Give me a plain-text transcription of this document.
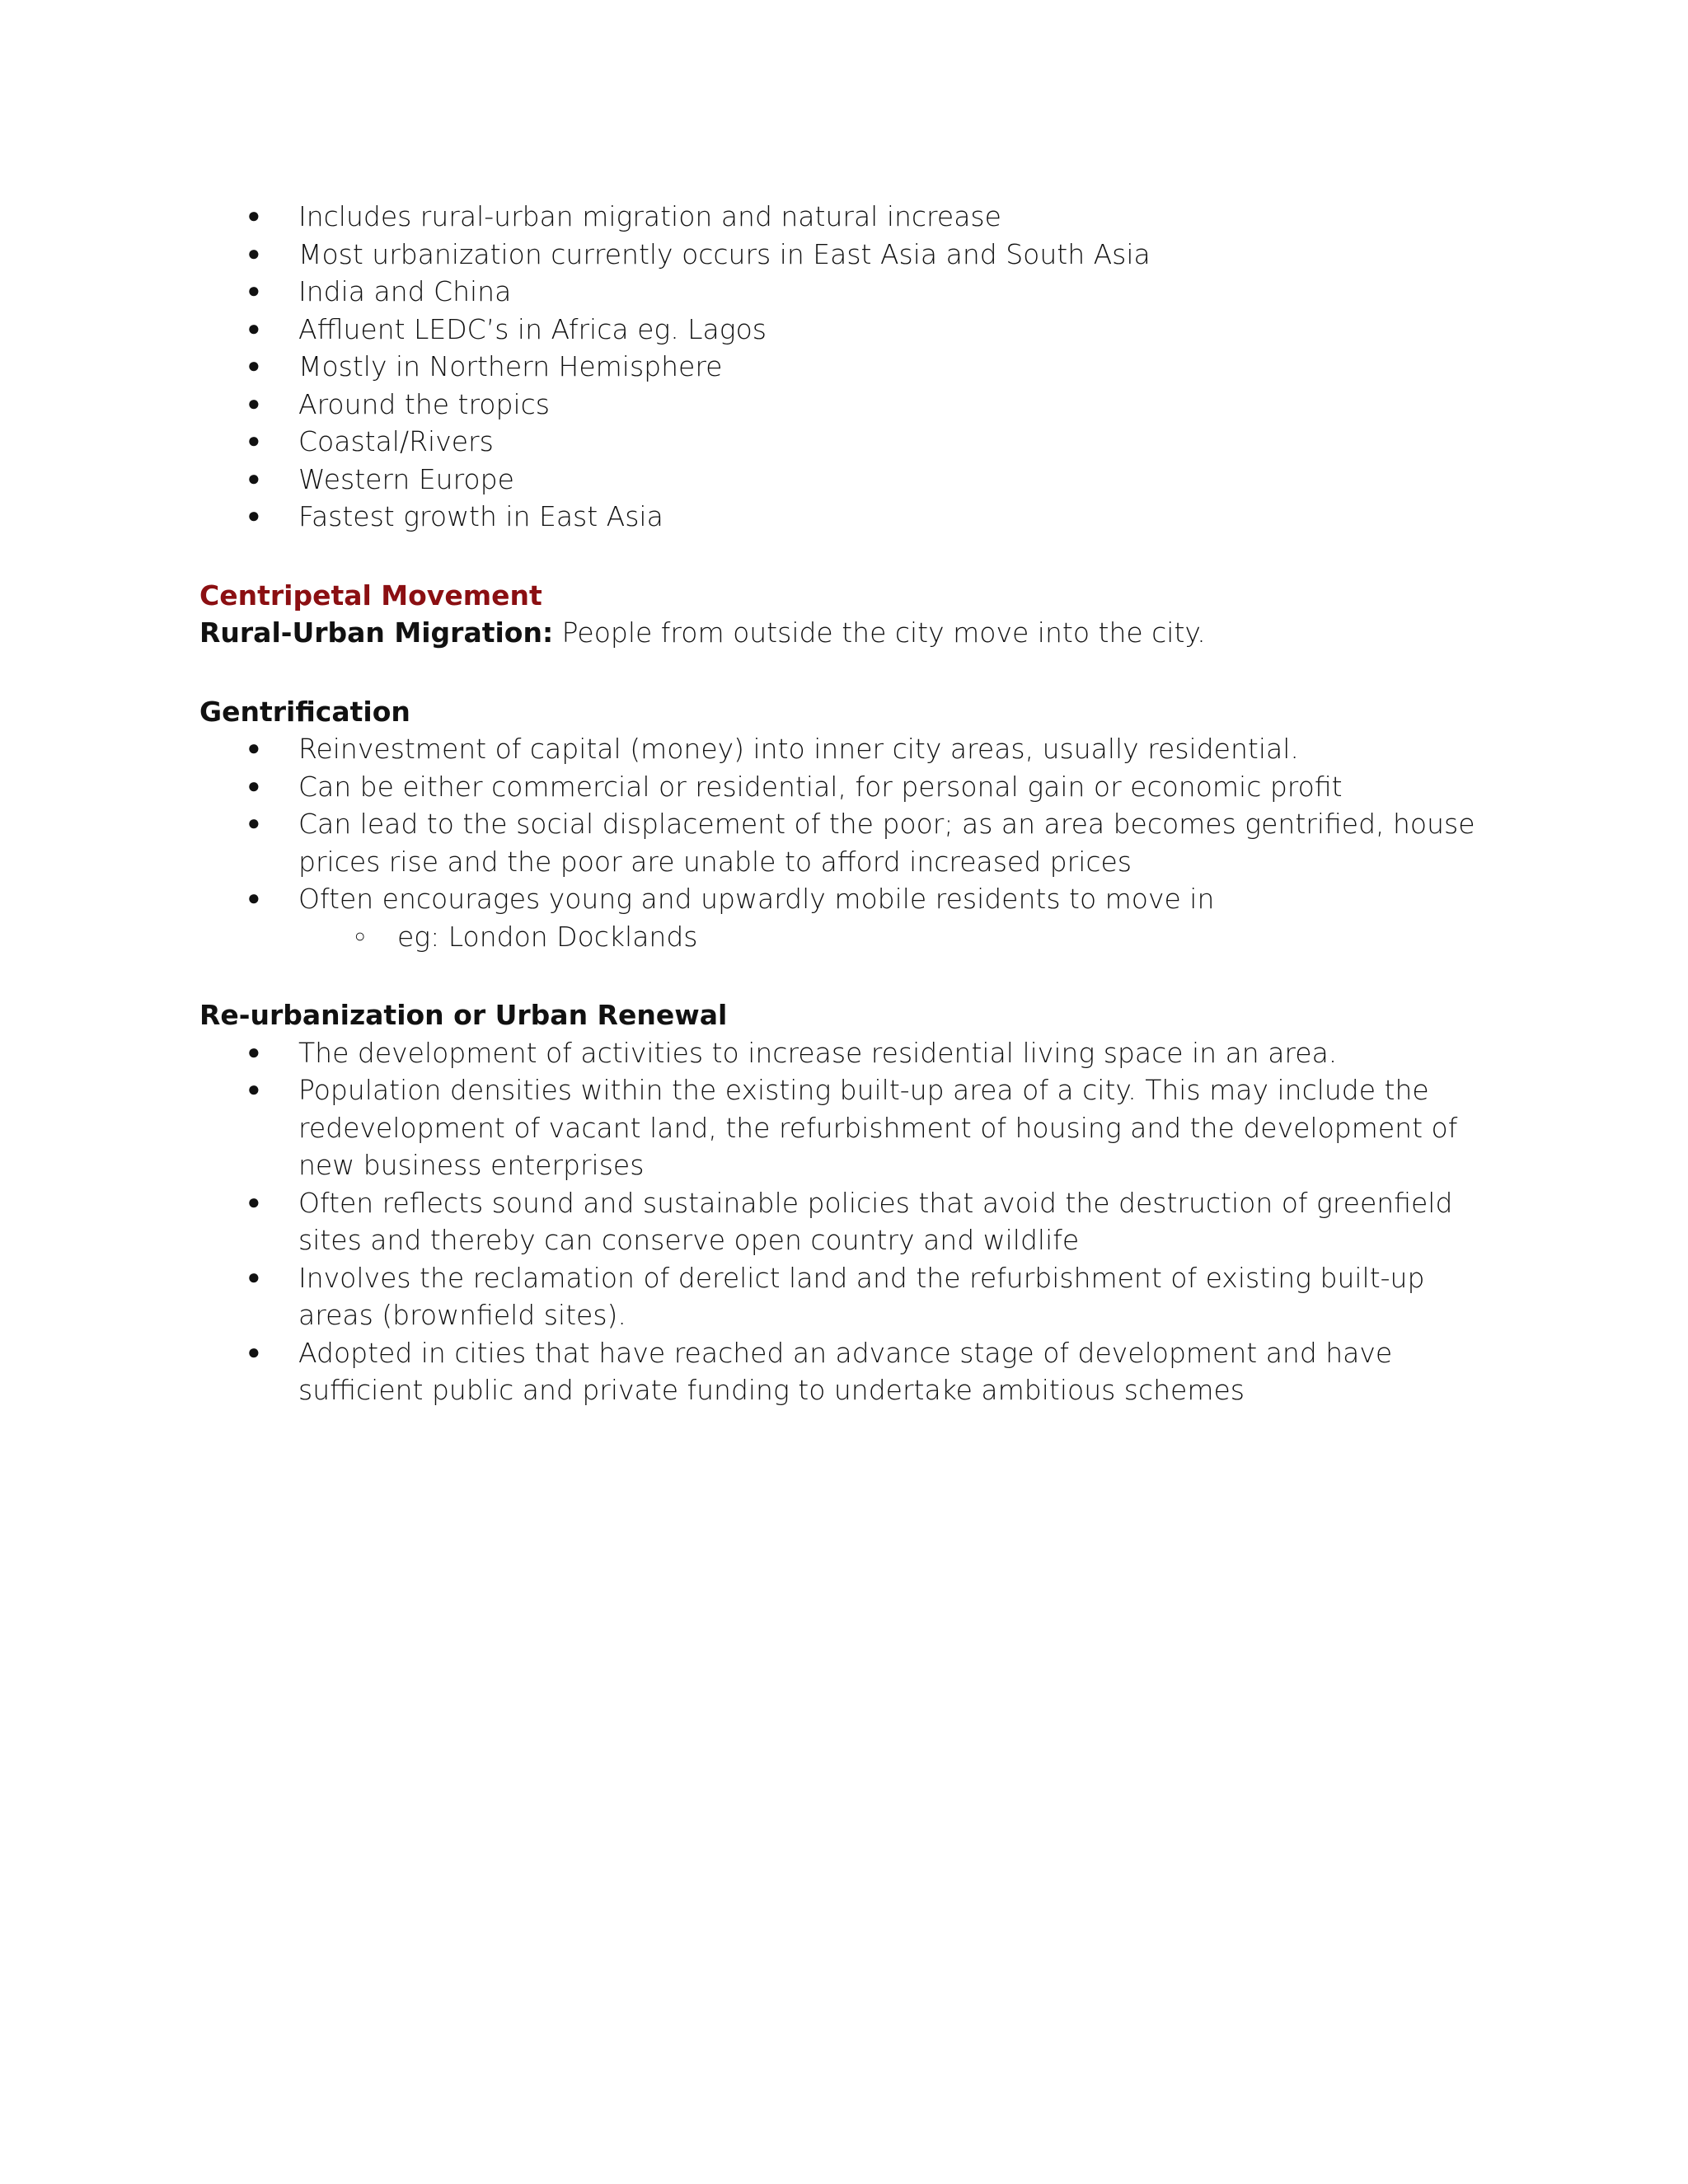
● Includes rural-urban migration and natural increase
● Most urbanization currently occurs in East Asia and South Asia
● India and China
● Affluent LEDC’s in Africa eg. Lagos
● Mostly in Northern Hemisphere
● Around the tropics
● Coastal/Rivers
● Western Europe
● Fastest growth in East Asia
Centripetal Movement
Rural-Urban Migration: People from outside the city move into the city.
Gentrification
● Reinvestment of capital (money) into inner city areas, usually residential.
● Can be either commercial or residential, for personal gain or economic profit
● Can lead to the social displacement of the poor; as an area becomes gentrified, house prices rise and the poor are unable to afford increased prices
● Often encourages young and upwardly mobile residents to move in
○ eg: London Docklands
Re-urbanization or Urban Renewal
● The development of activities to increase residential living space in an area.
● Population densities within the existing built-up area of a city. This may include the redevelopment of vacant land, the refurbishment of housing and the development of new business enterprises
● Often reflects sound and sustainable policies that avoid the destruction of greenfield sites and thereby can conserve open country and wildlife
● Involves the reclamation of derelict land and the refurbishment of existing built-up areas (brownfield sites).
● Adopted in cities that have reached an advance stage of development and have sufficient public and private funding to undertake ambitious schemes
